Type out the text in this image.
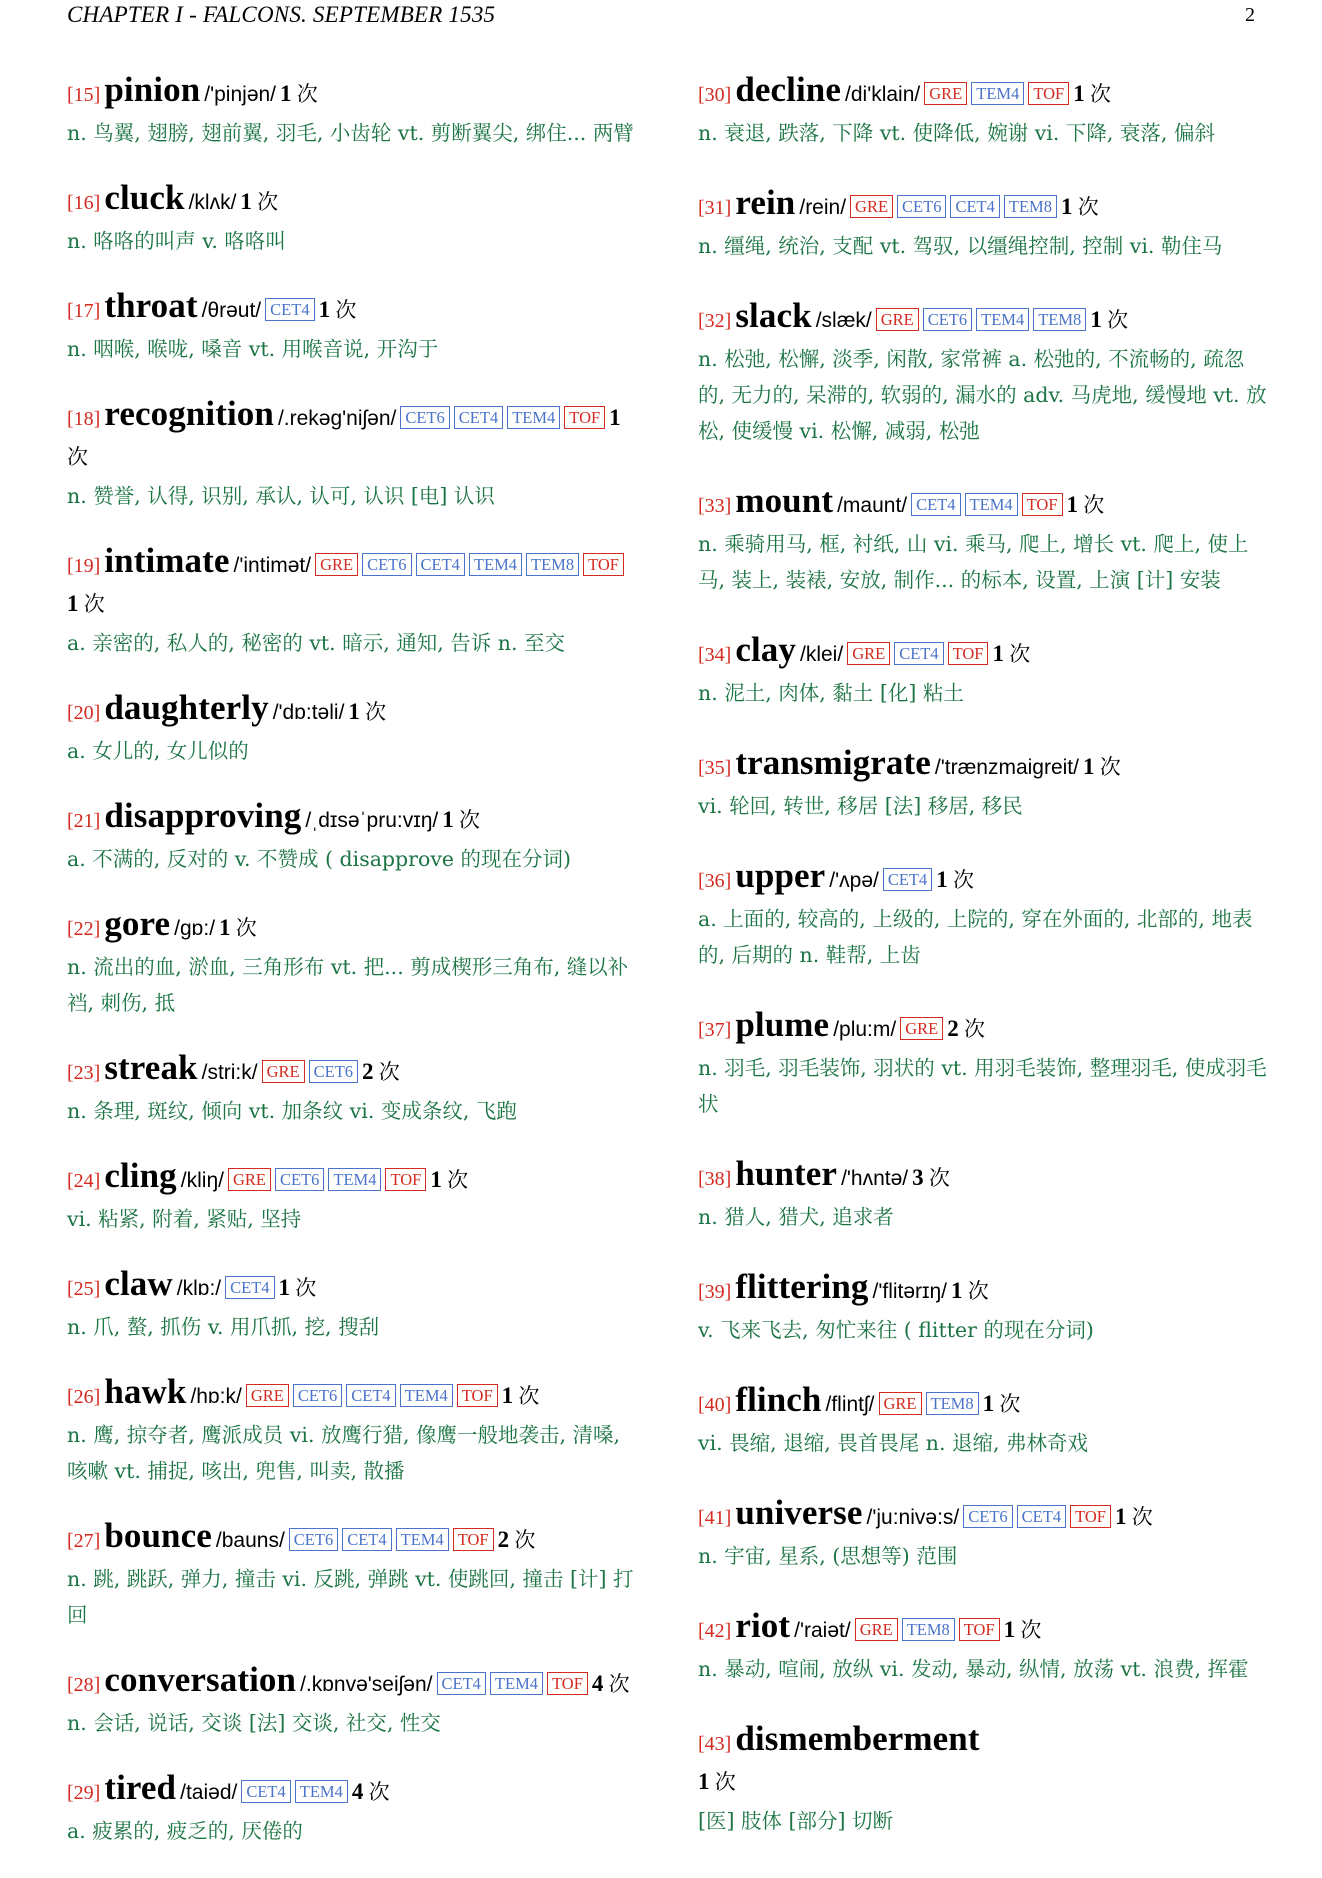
CHAPTER I - FALCONS. SEPTEMBER 1535	2
[15] pinion /'pinjən/ 1 次
n. 鸟翼, 翅膀, 翅前翼, 羽毛, 小齿轮 vt. 剪断翼尖, 绑住... 两臂
[16] cluck /klʌk/ 1 次
n. 咯咯的叫声 v. 咯咯叫
[17] throat /θrəut/ CET4 1 次
n. 咽喉, 喉咙, 嗓音 vt. 用喉音说, 开沟于
[18] recognition /.rekəg'niʃən/ CET6 CET4 TEM4 TOF 1 次
n. 赞誉, 认得, 识别, 承认, 认可, 认识 [电] 认识
[19] intimate /'intimət/ GRE CET6 CET4 TEM4 TEM8 TOF1 次
a. 亲密的, 私人的, 秘密的 vt. 暗示, 通知, 告诉 n. 至交
[20] daughterly /'dɒ:təli/ 1 次
a. 女儿的, 女儿似的
[21] disapproving /ˌdɪsəˈpru:vɪŋ/ 1 次
a. 不满的, 反对的 v. 不赞成 ( disapprove 的现在分词)
[22] gore /gɒ:/ 1 次
n. 流出的血, 淤血, 三角形布 vt. 把... 剪成楔形三角布, 缝以补裆, 刺伤, 抵
[23] streak /stri:k/ GRE CET6 2 次
n. 条理, 斑纹, 倾向 vt. 加条纹 vi. 变成条纹, 飞跑
[24] cling /kliŋ/ GRE CET6 TEM4 TOF 1 次
vi. 粘紧, 附着, 紧贴, 坚持
[25] claw /klɒ:/ CET4 1 次
n. 爪, 螯, 抓伤 v. 用爪抓, 挖, 搜刮
[26] hawk /hɒ:k/ GRE CET6 CET4 TEM4 TOF 1 次
n. 鹰, 掠夺者, 鹰派成员 vi. 放鹰行猎, 像鹰一般地袭击, 清嗓, 咳嗽 vt. 捕捉, 咳出, 兜售, 叫卖, 散播
[27] bounce /bauns/ CET6 CET4 TEM4 TOF 2 次
n. 跳, 跳跃, 弹力, 撞击 vi. 反跳, 弹跳 vt. 使跳回, 撞击 [计] 打回
[28] conversation /.kɒnvə'seiʃən/ CET4 TEM4 TOF 4 次
n. 会话, 说话, 交谈 [法] 交谈, 社交, 性交
[29] tired /taiəd/ CET4 TEM4 4 次
a. 疲累的, 疲乏的, 厌倦的
[30] decline /di'klain/ GRE TEM4 TOF 1 次
n. 衰退, 跌落, 下降 vt. 使降低, 婉谢 vi. 下降, 衰落, 偏斜
[31] rein /rein/ GRE CET6 CET4 TEM8 1 次
n. 缰绳, 统治, 支配 vt. 驾驭, 以缰绳控制, 控制 vi. 勒住马
[32] slack /slæk/ GRE CET6 TEM4 TEM8 1 次
n. 松弛, 松懈, 淡季, 闲散, 家常裤 a. 松弛的, 不流畅的, 疏忽的, 无力的, 呆滞的, 软弱的, 漏水的 adv. 马虎地, 缓慢地 vt. 放松, 使缓慢 vi. 松懈, 减弱, 松弛
[33] mount /maunt/ CET4 TEM4 TOF 1 次
n. 乘骑用马, 框, 衬纸, 山 vi. 乘马, 爬上, 增长 vt. 爬上, 使上马, 装上, 装裱, 安放, 制作... 的标本, 设置, 上演 [计] 安装
[34] clay /klei/ GRE CET4 TOF 1 次
n. 泥土, 肉体, 黏土 [化] 粘土
[35] transmigrate /'trænzmaigreit/ 1 次
vi. 轮回, 转世, 移居 [法] 移居, 移民
[36] upper /'ʌpə/ CET4 1 次
a. 上面的, 较高的, 上级的, 上院的, 穿在外面的, 北部的, 地表的, 后期的 n. 鞋帮, 上齿
[37] plume /plu:m/ GRE 2 次
n. 羽毛, 羽毛装饰, 羽状的 vt. 用羽毛装饰, 整理羽毛, 使成羽毛状
[38] hunter /'hʌntə/ 3 次
n. 猎人, 猎犬, 追求者
[39] flittering /'flitərɪŋ/ 1 次
v. 飞来飞去, 匆忙来往 ( flitter 的现在分词)
[40] flinch /flintʃ/ GRE TEM8 1 次
vi. 畏缩, 退缩, 畏首畏尾 n. 退缩, 弗林奇戏
[41] universe /'ju:nivə:s/ CET6 CET4 TOF 1 次
n. 宇宙, 星系, (思想等) 范围
[42] riot /'raiət/ GRE TEM8 TOF 1 次
n. 暴动, 喧闹, 放纵 vi. 发动, 暴动, 纵情, 放荡 vt. 浪费, 挥霍
[43] dismemberment
1 次
[医] 肢体 [部分] 切断
